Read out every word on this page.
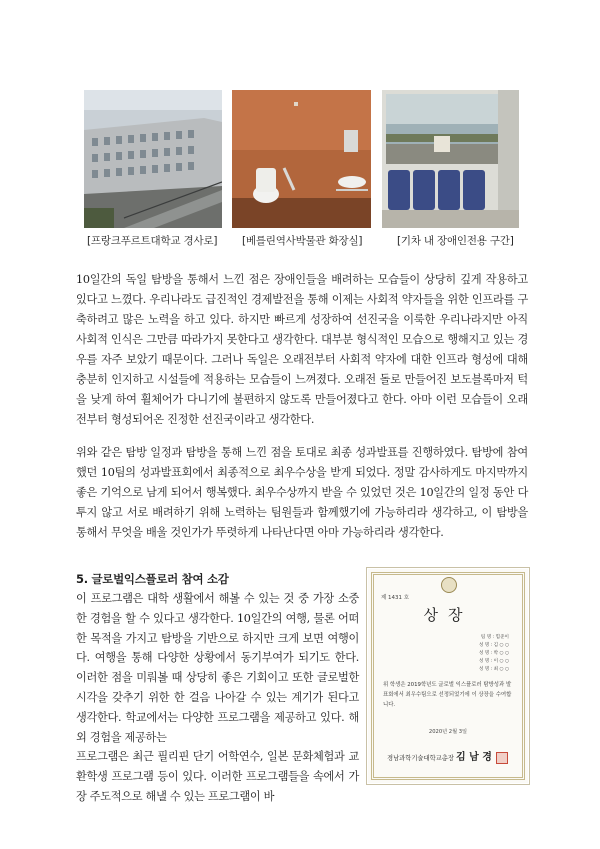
[프랑크푸르트대학교 경사로] [베를린역사박물관 화장실]	[기차 내 장애인전용 구간]
10일간의 독일 탐방을 통해서 느낀 점은 장애인들을 배려하는 모습들이 상당히 깊게 작용하고 있다고 느꼈다. 우리나라도 급진적인 경제발전을 통해 이제는 사회적 약자들을 위한 인프라를 구축하려고 많은 노력을 하고 있다. 하지만 빠르게 성장하여 선진국을 이룩한 우리나라지만 아직 사회적 인식은 그만큼 따라가지 못한다고 생각한다. 대부분 형식적인 모습으로 행해지고 있는 경우를 자주 보았기 때문이다. 그러나 독일은 오래전부터 사회적 약자에 대한 인프라 형성에 대해 충분히 인지하고 시설들에 적용하는 모습들이 느껴졌다. 오래전 돌로 만들어진 보도블록마저 턱을 낮게 하여 휠체어가 다니기에 불편하지 않도록 만들어졌다고 한다. 아마 이런 모습들이 오래전부터 형성되어온 진정한 선진국이라고 생각한다.
위와 같은 탐방 일정과 탐방을 통해 느낀 점을 토대로 최종 성과발표를 진행하였다. 탐방에 참여했던 10팀의 성과발표회에서 최종적으로 최우수상을 받게 되었다. 정말 감사하게도 마지막까지 좋은 기억으로 남게 되어서 행복했다. 최우수상까지 받을 수 있었던 것은 10일간의 일정 동안 다투지 않고 서로 배려하기 위해 노력하는 팀원들과 함께했기에 가능하리라 생각하고, 이 탐방을 통해서 무엇을 배울 것인가가 뚜렷하게 나타난다면 아마 가능하리라 생각한다.
5. 글로벌익스플로러 참여 소감
이 프로그램은 대학 생활에서 해볼 수 있는 것 중 가장 소중한 경험을 할 수 있다고 생각한다. 10일간의 여행, 물론 어떠한 목적을 가지고 탐방을 기반으로 하지만 크게 보면 여행이다. 여행을 통해 다양한 상황에서 동기부여가 되기도 한다. 이러한 점을 미뤄볼 때 상당히 좋은 기회이고 또한 글로벌한 시각을 갖추기 위한 한 걸음 나아갈 수 있는 계기가 된다고 생각한다. 학교에서는 다양한 프로그램을 제공하고 있다. 해외 경험을 제공하는
프로그램은 최근 필리핀 단기 어학연수, 일본 문화체험과 교환학생 프로그램 등이 있다. 이러한 프로그램들을 속에서 가장 주도적으로 해낼 수 있는 프로그램이 바
제 1431 호
상장
팀 명 : 힘준이
성 명 : 김 ○ ○
성 명 : 박 ○ ○
성 명 : 이 ○ ○
성 명 : 최 ○ ○
위 학생은 2019학년도 글로벌 익스플로러 탐방성과 발표회에서 최우수팀으로 선정되었기에 이 상장을 수여합니다.
2020년 2월 3일
경남과학기술대학교총장 김 남 경
